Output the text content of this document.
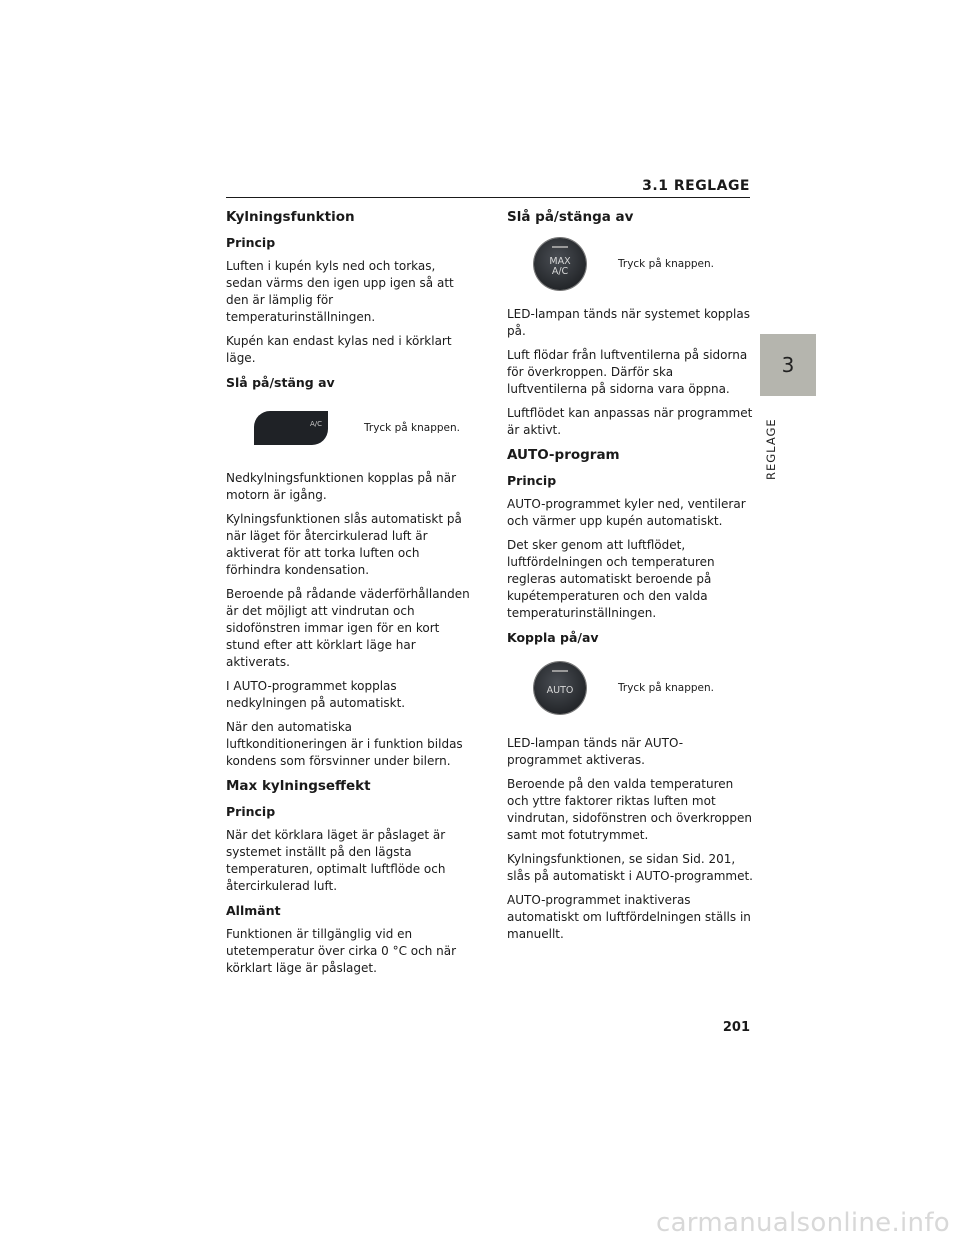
3.1 REGLAGE
3
REGLAGE
Kylningsfunktion
Princip

Luften i kupén kyls ned och torkas, sedan värms den igen upp igen så att den är lämplig för temperaturinställningen.

Kupén kan endast kylas ned i körklart läge.

Slå på/stäng av
A/C	Tryck på knappen.

Nedkylningsfunktionen kopplas på när motorn är igång.

Kylningsfunktionen slås automatiskt på när läget för återcirkulerad luft är aktiverat för att torka luften och förhindra kondensation.

Beroende på rådande väderförhållanden är det möjligt att vindrutan och sidofönstren immar igen för en kort stund efter att körklart läge har aktiverats.

I AUTO-programmet kopplas nedkylningen på automatiskt.

När den automatiska luftkonditioneringen är i funktion bildas kondens som försvinner under bilern.

Max kylningseffekt
Princip

När det körklara läget är påslaget är systemet inställt på den lägsta temperaturen, optimalt luftflöde och återcirkulerad luft.

Allmänt

Funktionen är tillgänglig vid en utetemperatur över cirka 0 °C och när körklart läge är påslaget.

Slå på/stänga av
MAX
A/C
Tryck på knappen.

LED-lampan tänds när systemet kopplas på.

Luft flödar från luftventilerna på sidorna för överkroppen. Därför ska luftventilerna på sidorna vara öppna.

Luftflödet kan anpassas när programmet är aktivt.

AUTO-program
Princip

AUTO-programmet kyler ned, ventilerar och värmer upp kupén automatiskt.

Det sker genom att luftflödet, luftfördelningen och temperaturen regleras automatiskt beroende på kupétemperaturen och den valda temperaturinställningen.

Koppla på/av
AUTO	Tryck på knappen.

LED-lampan tänds när AUTO-programmet aktiveras.

Beroende på den valda temperaturen och yttre faktorer riktas luften mot vindrutan, sidofönstren och överkroppen samt mot fotutrymmet.

Kylningsfunktionen, se sidan Sid. 201, slås på automatiskt i AUTO-programmet.

AUTO-programmet inaktiveras automatiskt om luftfördelningen ställs in manuellt.

201
carmanualsonline.info
